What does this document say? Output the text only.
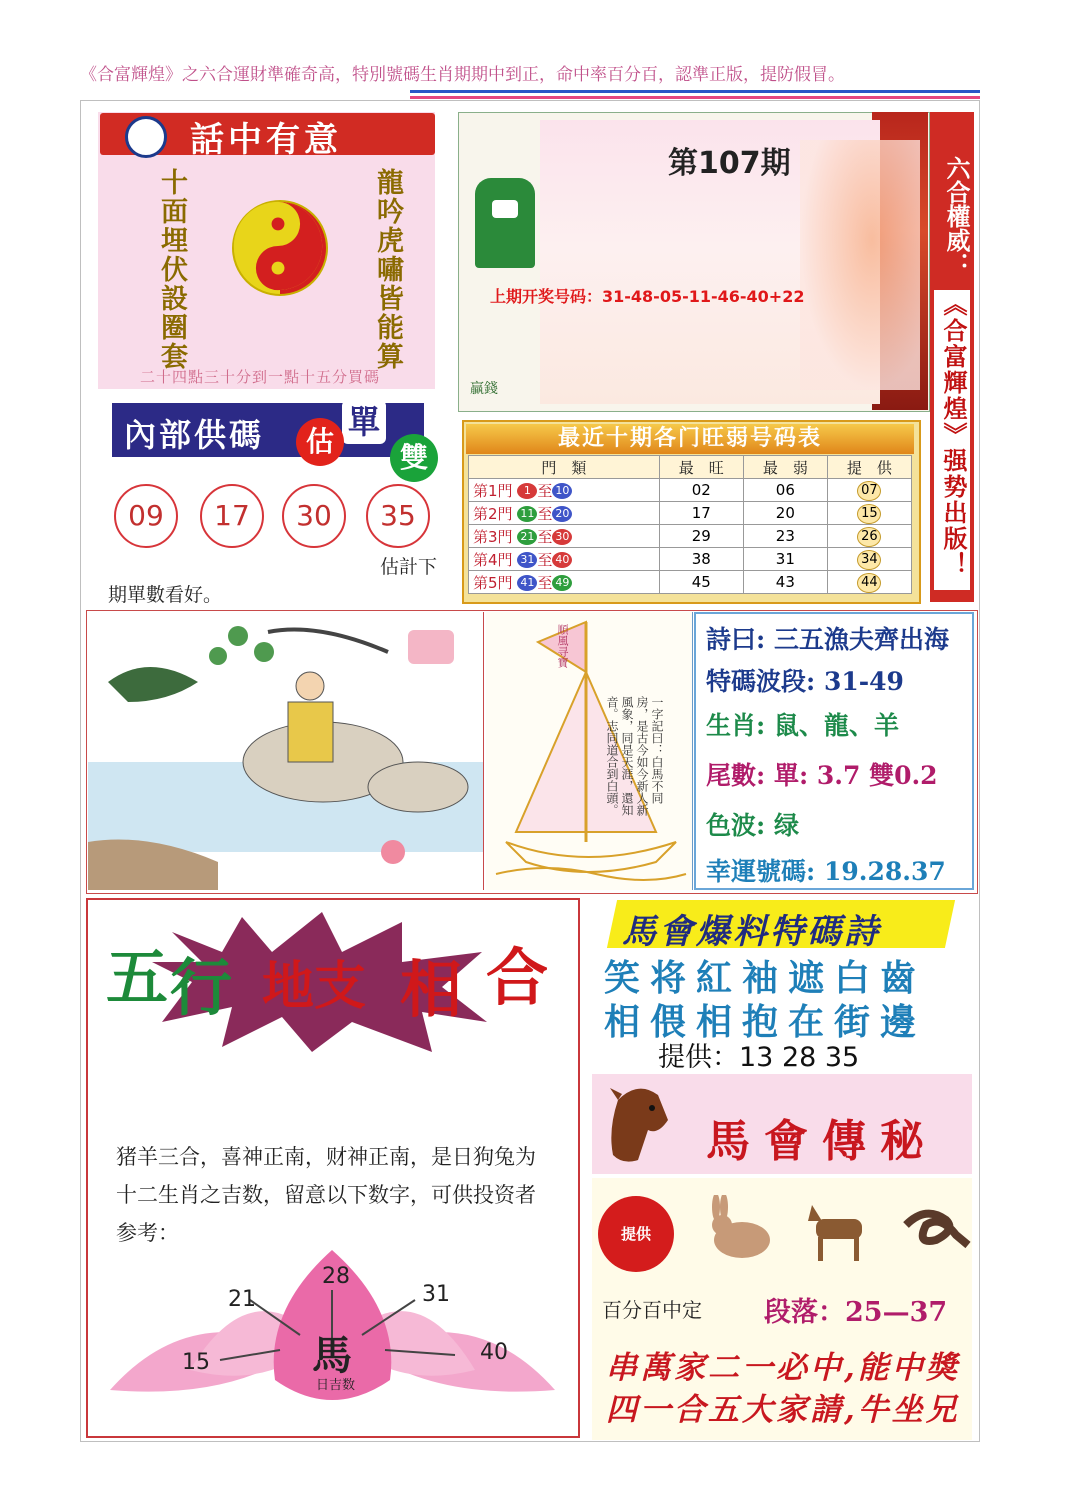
《合富輝煌》之六合運財準確奇高，特別號碼生肖期期中到正，命中率百分百，認準正版，提防假冒。
話中有意
十面埋伏設圈套	龍吟虎嘯皆能算
二十四點三十分到一點十五分買碼
內部供碼	單
估	雙
09	17	30	35
估計下
期單數看好。
第107期
上期开奖号码：31-48-05-11-46-40+22
贏錢
六合權威：
《合富輝煌》强势出版！
最近十期各门旺弱号码表
門　類	最　旺	最　弱	提　供
第1門 1 至 10	02	06	07
第2門 11 至 20	17	20	15
第3門 21 至 30	29	23	26
第4門 31 至 40	38	31	34
第5門 41 至 49	45	43	44
順風寻寶
一字記曰：白馬不同房，是古今如今新人新風象，同是天涯，還知音。志同道合到白頭。
詩曰: 三五漁夫齊出海
特碼波段: 31-49
生肖: 鼠、龍、羊
尾數: 單: 3.7 雙0.2
色波: 绿
幸運號碼: 19.28.37
五 行 地支 相 合
猪羊三合，喜神正南，财神正南，是日狗兔为十二生肖之吉数，留意以下数字，可供投资者参考：
28
21	31
15	40
馬
日吉数
馬會爆料特碼詩
笑将紅袖遮白齒
相偎相抱在街邊
提供：13 28 35
馬會傳秘
提供
百分百中定 段落：25—37
串萬家二一必中,能中獎
四一合五大家請,牛坐兄
